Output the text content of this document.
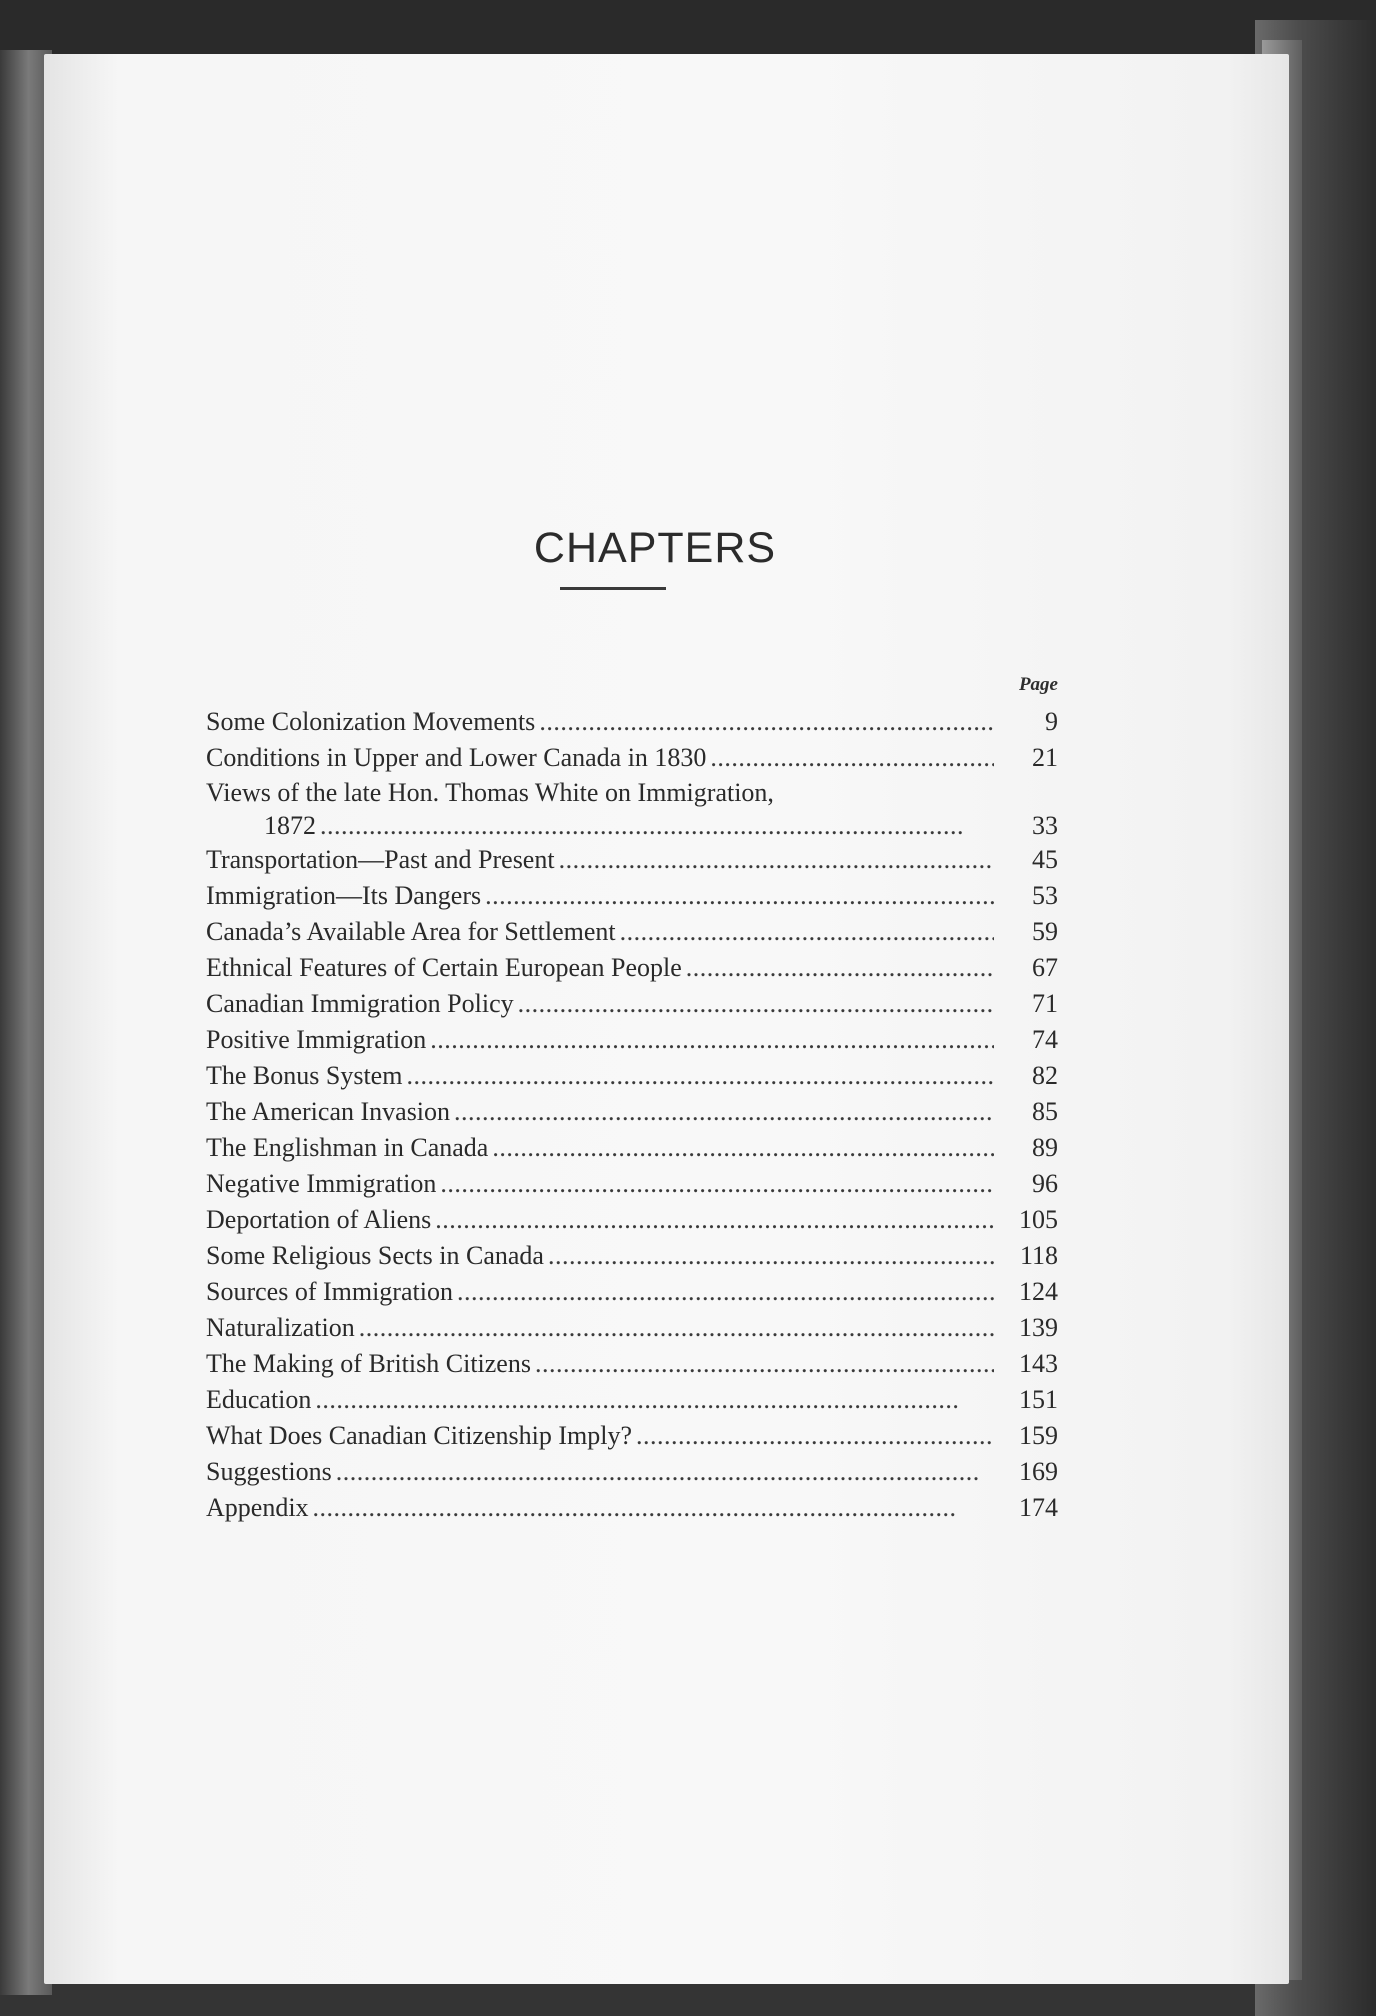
CHAPTERS
Page
Some Colonization Movements . . .	9
Conditions in Upper and Lower Canada in 1830 . . .	21
Views of the late Hon. Thomas White on Immigration,
1872 . . .	33
Transportation—Past and Present . . .	45
Immigration—Its Dangers . . .	53
Canada’s Available Area for Settlement . . .	59
Ethnical Features of Certain European People . . .	67
Canadian Immigration Policy . . .	71
Positive Immigration . . .	74
The Bonus System . . .	82
The American Invasion . . .	85
The Englishman in Canada . . .	89
Negative Immigration . . .	96
Deportation of Aliens . . .	105
Some Religious Sects in Canada . . .	118
Sources of Immigration . . .	124
Naturalization . . .	139
The Making of British Citizens . . .	143
Education . . .	151
What Does Canadian Citizenship Imply? . . .	159
Suggestions . . .	169
Appendix . . .	174
